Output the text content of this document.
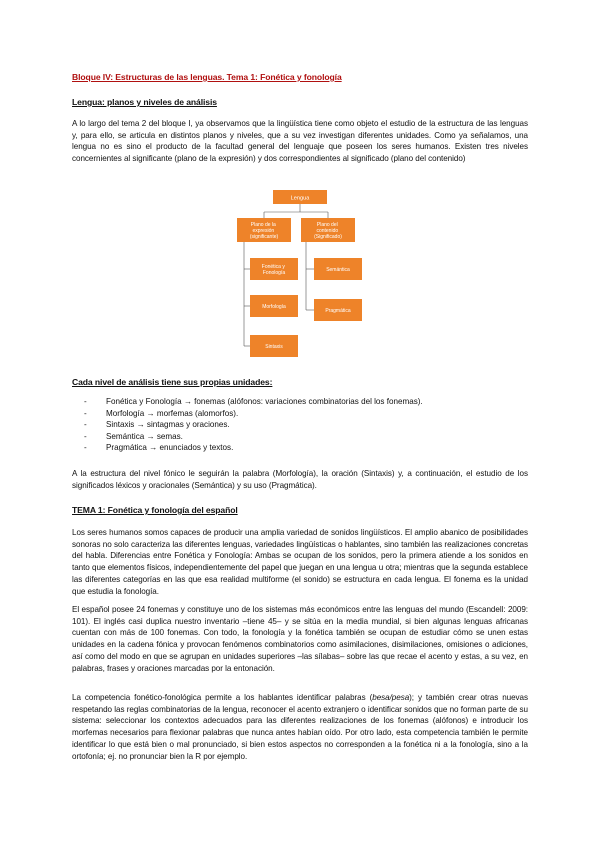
Bloque IV: Estructuras de las lenguas. Tema 1: Fonética y fonología
Lengua: planos y niveles de análisis
A lo largo del tema 2 del bloque I, ya observamos que la lingüística tiene como objeto el estudio de la estructura de las lenguas y, para ello, se articula en distintos planos y niveles, que a su vez investigan diferentes unidades. Como ya señalamos, una lengua no es sino el producto de la facultad general del lenguaje que poseen los seres humanos. Existen tres niveles concernientes al significante (plano de la expresión) y dos correspondientes al significado (plano del contenido)
Lengua
Plano de la expresión (significante)
Plano del contenido (Significado)
Fonética y Fonología
Morfología
Sintaxis
Semántica
Pragmática
Cada nivel de análisis tiene sus propias unidades:
- Fonética y Fonología → fonemas (alófonos: variaciones combinatorias del los fonemas).
- Morfología → morfemas (alomorfos).
- Sintaxis → sintagmas y oraciones.
- Semántica → semas.
- Pragmática → enunciados y textos.
A la estructura del nivel fónico le seguirán la palabra (Morfología), la oración (Sintaxis) y, a continuación, el estudio de los significados léxicos y oracionales (Semántica) y su uso (Pragmática).
TEMA 1: Fonética y fonología del español
Los seres humanos somos capaces de producir una amplia variedad de sonidos lingüísticos. El amplio abanico de posibilidades sonoras no solo caracteriza las diferentes lenguas, variedades lingüísticas o hablantes, sino también las realizaciones concretas del habla. Diferencias entre Fonética y Fonología: Ambas se ocupan de los sonidos, pero la primera atiende a los sonidos en tanto que elementos físicos, independientemente del papel que juegan en una lengua u otra; mientras que la segunda establece las diferentes categorías en las que esa realidad multiforme (el sonido) se estructura en cada lengua. El fonema es la unidad que estudia la fonología.
El español posee 24 fonemas y constituye uno de los sistemas más económicos entre las lenguas del mundo (Escandell: 2009: 101). El inglés casi duplica nuestro inventario –tiene 45– y se sitúa en la media mundial, si bien algunas lenguas africanas cuentan con más de 100 fonemas. Con todo, la fonología y la fonética también se ocupan de estudiar cómo se unen estas unidades en la cadena fónica y provocan fenómenos combinatorios como asimilaciones, disimilaciones, omisiones o adiciones, así como del modo en que se agrupan en unidades superiores –las sílabas– sobre las que recae el acento y estas, a su vez, en palabras, frases y oraciones marcadas por la entonación.
La competencia fonético-fonológica permite a los hablantes identificar palabras (besa/pesa); y también crear otras nuevas respetando las reglas combinatorias de la lengua, reconocer el acento extranjero o identificar sonidos que no forman parte de su sistema: seleccionar los contextos adecuados para las diferentes realizaciones de los fonemas (alófonos) e introducir los morfemas necesarios para flexionar palabras que nunca antes habían oído. Por otro lado, esta competencia también le permite identificar lo que está bien o mal pronunciado, si bien estos aspectos no corresponden a la fonética ni a la fonología, sino a la ortofonía; ej. no pronunciar bien la R por ejemplo.
